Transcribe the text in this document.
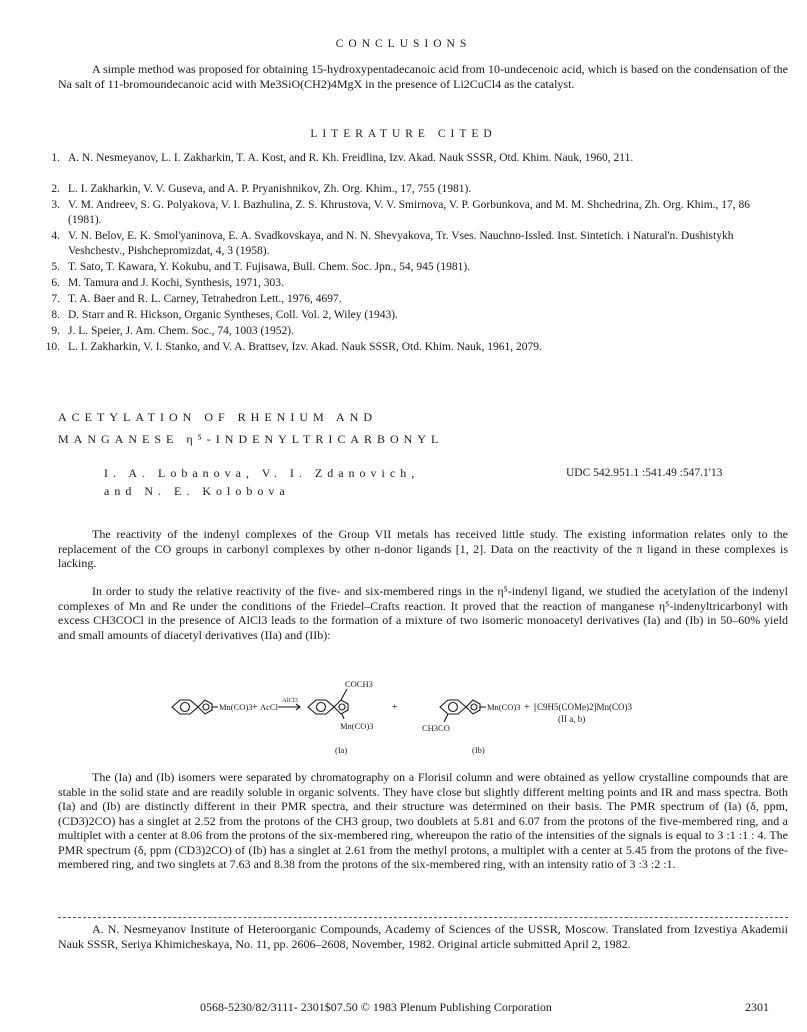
CONCLUSIONS
A simple method was proposed for obtaining 15-hydroxypentadecanoic acid from 10-undecenoic acid, which is based on the condensation of the Na salt of 11-bromoundecanoic acid with Me3SiO(CH2)4MgX in the presence of Li2CuCl4 as the catalyst.
LITERATURE CITED
1. A. N. Nesmeyanov, L. I. Zakharkin, T. A. Kost, and R. Kh. Freidlina, Izv. Akad. Nauk SSSR, Otd. Khim. Nauk, 1960, 211.
2. L. I. Zakharkin, V. V. Guseva, and A. P. Pryanishnikov, Zh. Org. Khim., 17, 755 (1981).
3. V. M. Andreev, S. G. Polyakova, V. I. Bazhulina, Z. S. Khrustova, V. V. Smirnova, V. P. Gorbunkova, and M. M. Shchedrina, Zh. Org. Khim., 17, 86 (1981).
4. V. N. Belov, E. K. Smol'yaninova, E. A. Svadkovskaya, and N. N. Shevyakova, Tr. Vses. Nauchno-Issled. Inst. Sintetich. i Natural'n. Dushistykh Veshchestv., Pishchepromizdat, 4, 3 (1958).
5. T. Sato, T. Kawara, Y. Kokubu, and T. Fujisawa, Bull. Chem. Soc. Jpn., 54, 945 (1981).
6. M. Tamura and J. Kochi, Synthesis, 1971, 303.
7. T. A. Baer and R. L. Carney, Tetrahedron Lett., 1976, 4697.
8. D. Starr and R. Hickson, Organic Syntheses, Coll. Vol. 2, Wiley (1943).
9. J. L. Speier, J. Am. Chem. Soc., 74, 1003 (1952).
10. L. I. Zakharkin, V. I. Stanko, and V. A. Brattsev, Izv. Akad. Nauk SSSR, Otd. Khim. Nauk, 1961, 2079.
ACETYLATION OF RHENIUM AND
MANGANESE η⁵-INDENYLTRICARBONYL
I. A. Lobanova, V. I. Zdanovich,
and N. E. Kolobova
UDC 542.951.1 :541.49 :547.1'13
The reactivity of the indenyl complexes of the Group VII metals has received little study. The existing information relates only to the replacement of the CO groups in carbonyl complexes by other n-donor ligands [1, 2]. Data on the reactivity of the π ligand in these complexes is lacking.
In order to study the relative reactivity of the five- and six-membered rings in the η⁵-indenyl ligand, we studied the acetylation of the indenyl complexes of Mn and Re under the conditions of the Friedel–Crafts reaction. It proved that the reaction of manganese η⁵-indenyltricarbonyl with excess CH3COCl in the presence of AlCl3 leads to the formation of a mixture of two isomeric monoacetyl derivatives (Ia) and (Ib) in 50–60% yield and small amounts of diacetyl derivatives (IIa) and (IIb):
Mn(CO)3 + AcCl
AlCl3
COCH3
Mn(CO)3
(Ia)
+
CH3CO
Mn(CO)3
(Ib)
+ [C9H5(COMe)2]Mn(CO)3
(II a, b)
The (Ia) and (Ib) isomers were separated by chromatography on a Florisil column and were obtained as yellow crystalline compounds that are stable in the solid state and are readily soluble in organic solvents. They have close but slightly different melting points and IR and mass spectra. Both (Ia) and (Ib) are distinctly different in their PMR spectra, and their structure was determined on their basis. The PMR spectrum of (Ia) (δ, ppm, (CD3)2CO) has a singlet at 2.52 from the protons of the CH3 group, two doublets at 5.81 and 6.07 from the protons of the five-membered ring, and a multiplet with a center at 8.06 from the protons of the six-membered ring, whereupon the ratio of the intensities of the signals is equal to 3 :1 :1 : 4. The PMR spectrum (δ, ppm (CD3)2CO) of (Ib) has a singlet at 2.61 from the methyl protons, a multiplet with a center at 5.45 from the protons of the five-membered ring, and two singlets at 7.63 and 8.38 from the protons of the six-membered ring, with an intensity ratio of 3 :3 :2 :1.
A. N. Nesmeyanov Institute of Heteroorganic Compounds, Academy of Sciences of the USSR, Moscow. Translated from Izvestiya Akademii Nauk SSSR, Seriya Khimicheskaya, No. 11, pp. 2606–2608, November, 1982. Original article submitted April 2, 1982.
0568-5230/82/3111- 2301$07.50 © 1983 Plenum Publishing Corporation	2301
